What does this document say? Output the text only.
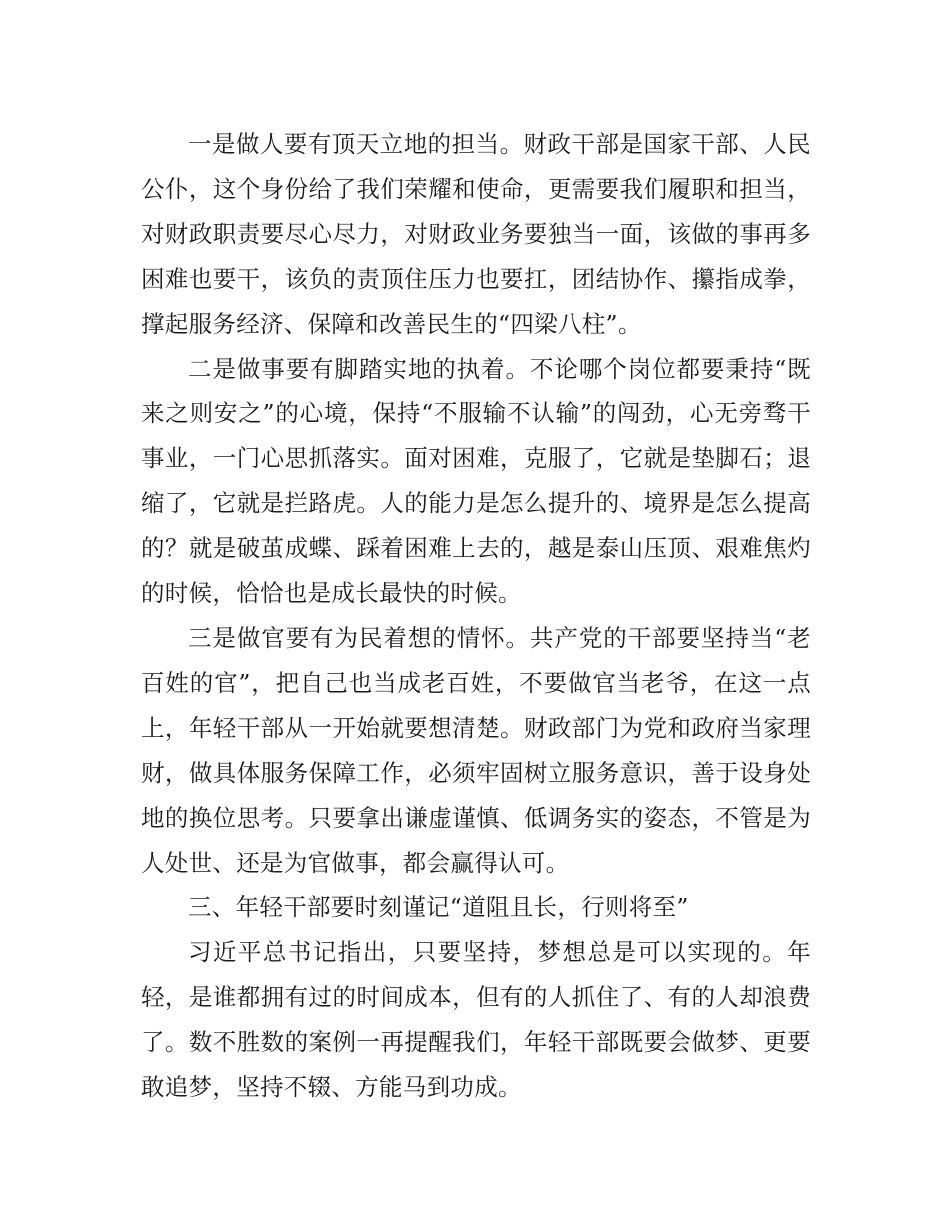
一是做人要有顶天立地的担当。财政干部是国家干部、人民公仆，这个身份给了我们荣耀和使命，更需要我们履职和担当，对财政职责要尽心尽力，对财政业务要独当一面，该做的事再多困难也要干，该负的责顶住压力也要扛，团结协作、攥指成拳，撑起服务经济、保障和改善民生的“四梁八柱”。

二是做事要有脚踏实地的执着。不论哪个岗位都要秉持“既来之则安之”的心境，保持“不服输不认输”的闯劲，心无旁骛干事业，一门心思抓落实。面对困难，克服了，它就是垫脚石；退缩了，它就是拦路虎。人的能力是怎么提升的、境界是怎么提高的？就是破茧成蝶、踩着困难上去的，越是泰山压顶、艰难焦灼的时候，恰恰也是成长最快的时候。

三是做官要有为民着想的情怀。共产党的干部要坚持当“老百姓的官”，把自己也当成老百姓，不要做官当老爷，在这一点上，年轻干部从一开始就要想清楚。财政部门为党和政府当家理财，做具体服务保障工作，必须牢固树立服务意识，善于设身处地的换位思考。只要拿出谦虚谨慎、低调务实的姿态，不管是为人处世、还是为官做事，都会赢得认可。

三、年轻干部要时刻谨记“道阻且长，行则将至”

习近平总书记指出，只要坚持，梦想总是可以实现的。年轻，是谁都拥有过的时间成本，但有的人抓住了、有的人却浪费了。数不胜数的案例一再提醒我们，年轻干部既要会做梦、更要敢追梦，坚持不辍、方能马到功成。
